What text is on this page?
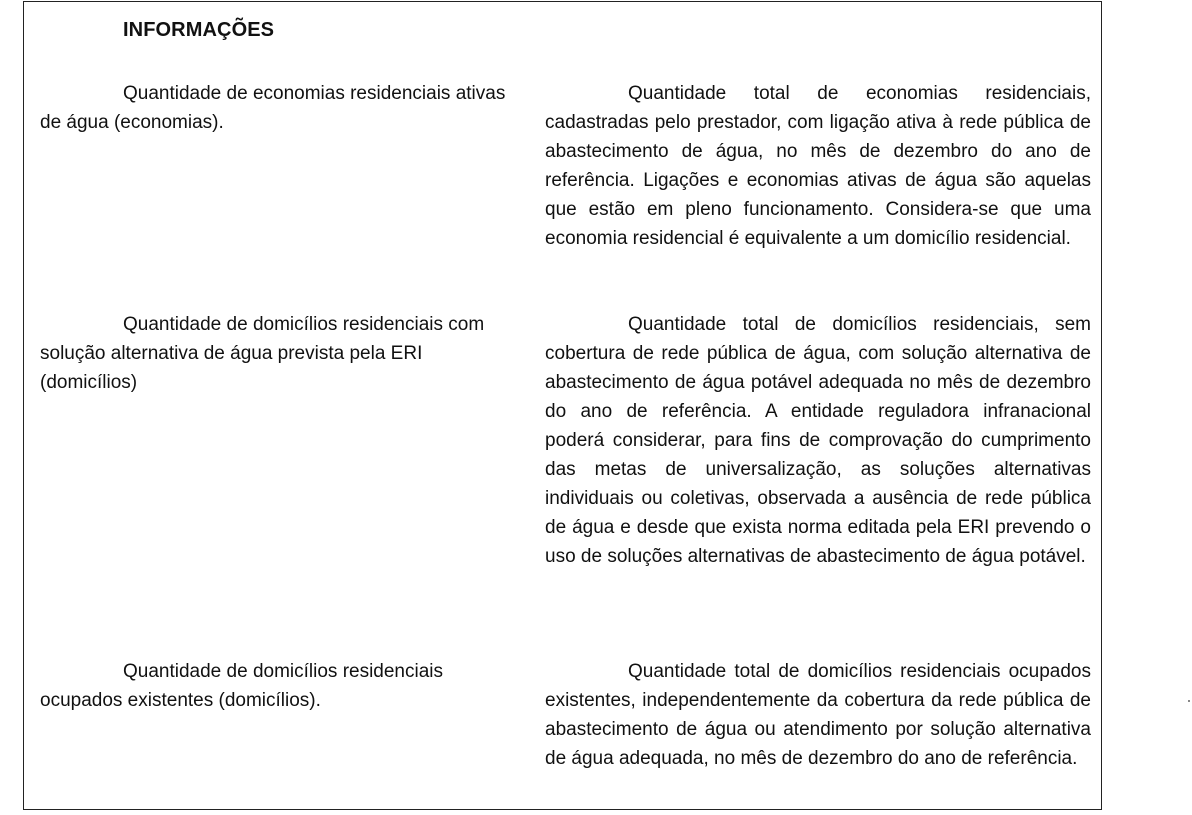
INFORMAÇÕES
Quantidade de economias residenciais ativas de água (economias).
Quantidade total de economias residenciais, cadastradas pelo prestador, com ligação ativa à rede pública de abastecimento de água, no mês de dezembro do ano de referência. Ligações e economias ativas de água são aquelas que estão em pleno funcionamento. Considera-se que uma economia residencial é equivalente a um domicílio residencial.
Quantidade de domicílios residenciais com solução alternativa de água prevista pela ERI (domicílios)
Quantidade total de domicílios residenciais, sem cobertura de rede pública de água, com solução alternativa de abastecimento de água potável adequada no mês de dezembro do ano de referência. A entidade reguladora infranacional poderá considerar, para fins de comprovação do cumprimento das metas de universalização, as soluções alternativas individuais ou coletivas, observada a ausência de rede pública de água e desde que exista norma editada pela ERI prevendo o uso de soluções alternativas de abastecimento de água potável.
Quantidade de domicílios residenciais ocupados existentes (domicílios).
Quantidade total de domicílios residenciais ocupados existentes, independentemente da cobertura da rede pública de abastecimento de água ou atendimento por solução alternativa de água adequada, no mês de dezembro do ano de referência.
